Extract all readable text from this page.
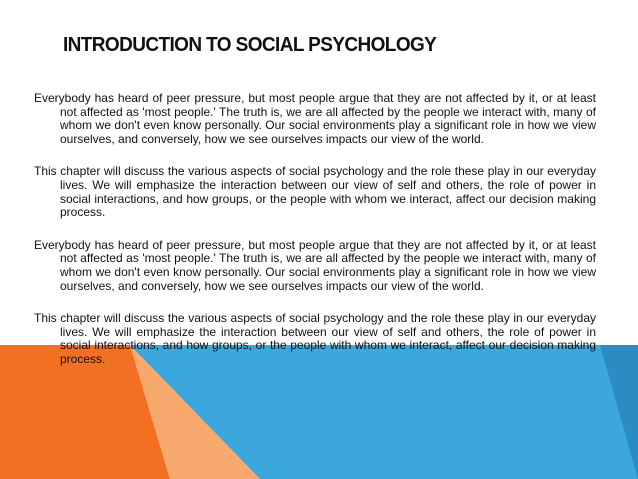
INTRODUCTION TO SOCIAL PSYCHOLOGY

Everybody has heard of peer pressure, but most people argue that they are not affected by it, or at least not affected as 'most people.' The truth is, we are all affected by the people we interact with, many of whom we don't even know personally. Our social environments play a significant role in how we view ourselves, and conversely, how we see ourselves impacts our view of the world.

This chapter will discuss the various aspects of social psychology and the role these play in our everyday lives. We will emphasize the interaction between our view of self and others, the role of power in social interactions, and how groups, or the people with whom we interact, affect our decision making process.

Everybody has heard of peer pressure, but most people argue that they are not affected by it, or at least not affected as 'most people.' The truth is, we are all affected by the people we interact with, many of whom we don't even know personally. Our social environments play a significant role in how we view ourselves, and conversely, how we see ourselves impacts our view of the world.

This chapter will discuss the various aspects of social psychology and the role these play in our everyday lives. We will emphasize the interaction between our view of self and others, the role of power in social interactions, and how groups, or the people with whom we interact, affect our decision making process.
